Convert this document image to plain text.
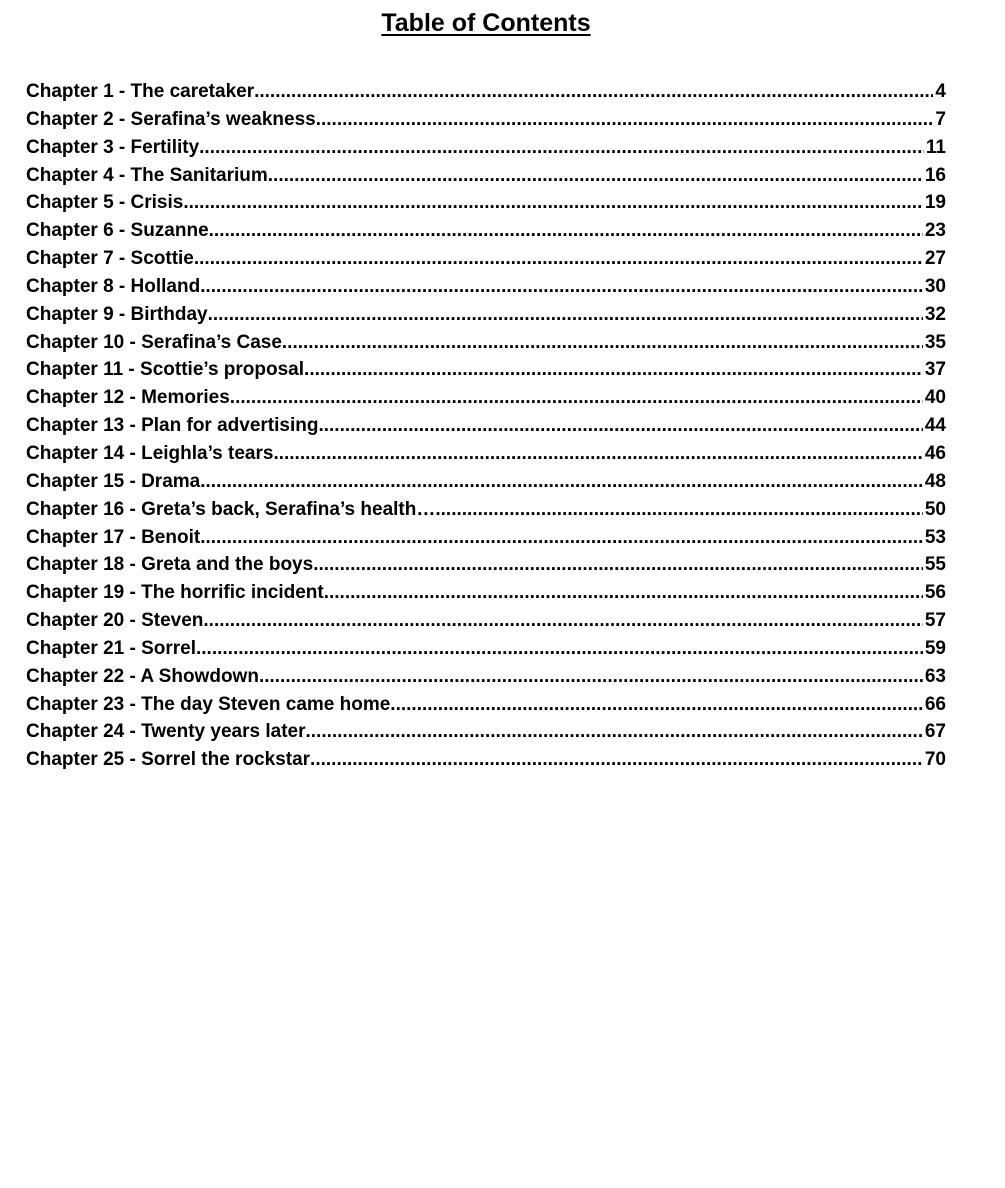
Table of Contents
Chapter 1 - The caretaker .....	4
Chapter 2 - Serafina’s weakness .....	7
Chapter 3 - Fertility .....	11
Chapter 4 - The Sanitarium .....	16
Chapter 5 - Crisis .....	19
Chapter 6 - Suzanne .....	23
Chapter 7 - Scottie .....	27
Chapter 8 - Holland .....	30
Chapter 9 - Birthday .....	32
Chapter 10 - Serafina’s Case .....	35
Chapter 11 - Scottie’s proposal .....	37
Chapter 12 - Memories .....	40
Chapter 13 - Plan for advertising .....	44
Chapter 14 - Leighla’s tears .....	46
Chapter 15 - Drama .....	48
Chapter 16 - Greta’s back, Serafina’s health… .....	50
Chapter 17 - Benoit .....	53
Chapter 18 - Greta and the boys .....	55
Chapter 19 - The horrific incident .....	56
Chapter 20 - Steven .....	57
Chapter 21 - Sorrel .....	59
Chapter 22 - A Showdown .....	63
Chapter 23 - The day Steven came home .....	66
Chapter 24 - Twenty years later .....	67
Chapter 25 - Sorrel the rockstar .....	70
